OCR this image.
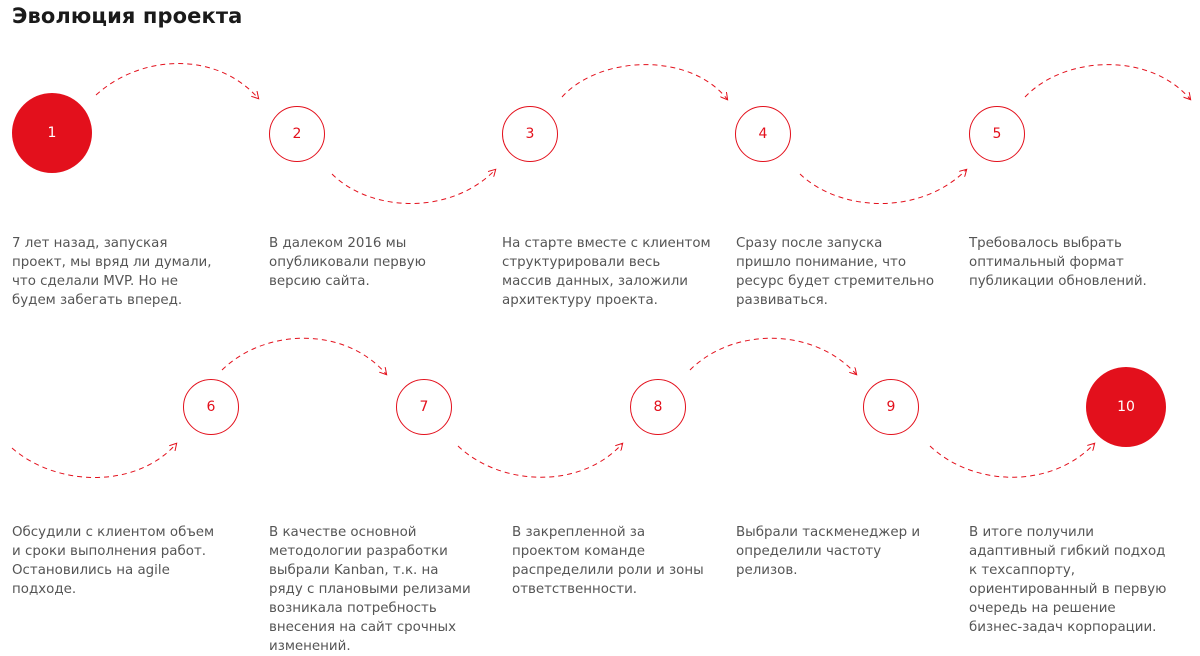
Эволюция проекта
1	2	3	4	5

7 лет назад, запуская проект, мы вряд ли думали, что сделали MVP. Но не будем забегать вперед.

В далеком 2016 мы опубликовали первую версию сайта.

На старте вместе с клиентом структурировали весь массив данных, заложили архитектуру проекта.

Сразу после запуска пришло понимание, что ресурс будет стремительно развиваться.

Требовалось выбрать оптимальный формат публикации обновлений.

6	7	8	9	10

Обсудили с клиентом объем и сроки выполнения работ. Остановились на agile подходе.

В качестве основной методологии разработки выбрали Kanban, т.к. на ряду с плановыми релизами возникала потребность внесения на сайт срочных изменений.

В закрепленной за проектом команде распределили роли и зоны ответственности.

Выбрали таскменеджер и определили частоту релизов.

В итоге получили адаптивный гибкий подход к техсаппорту, ориентированный в первую очередь на решение бизнес-задач корпорации.
